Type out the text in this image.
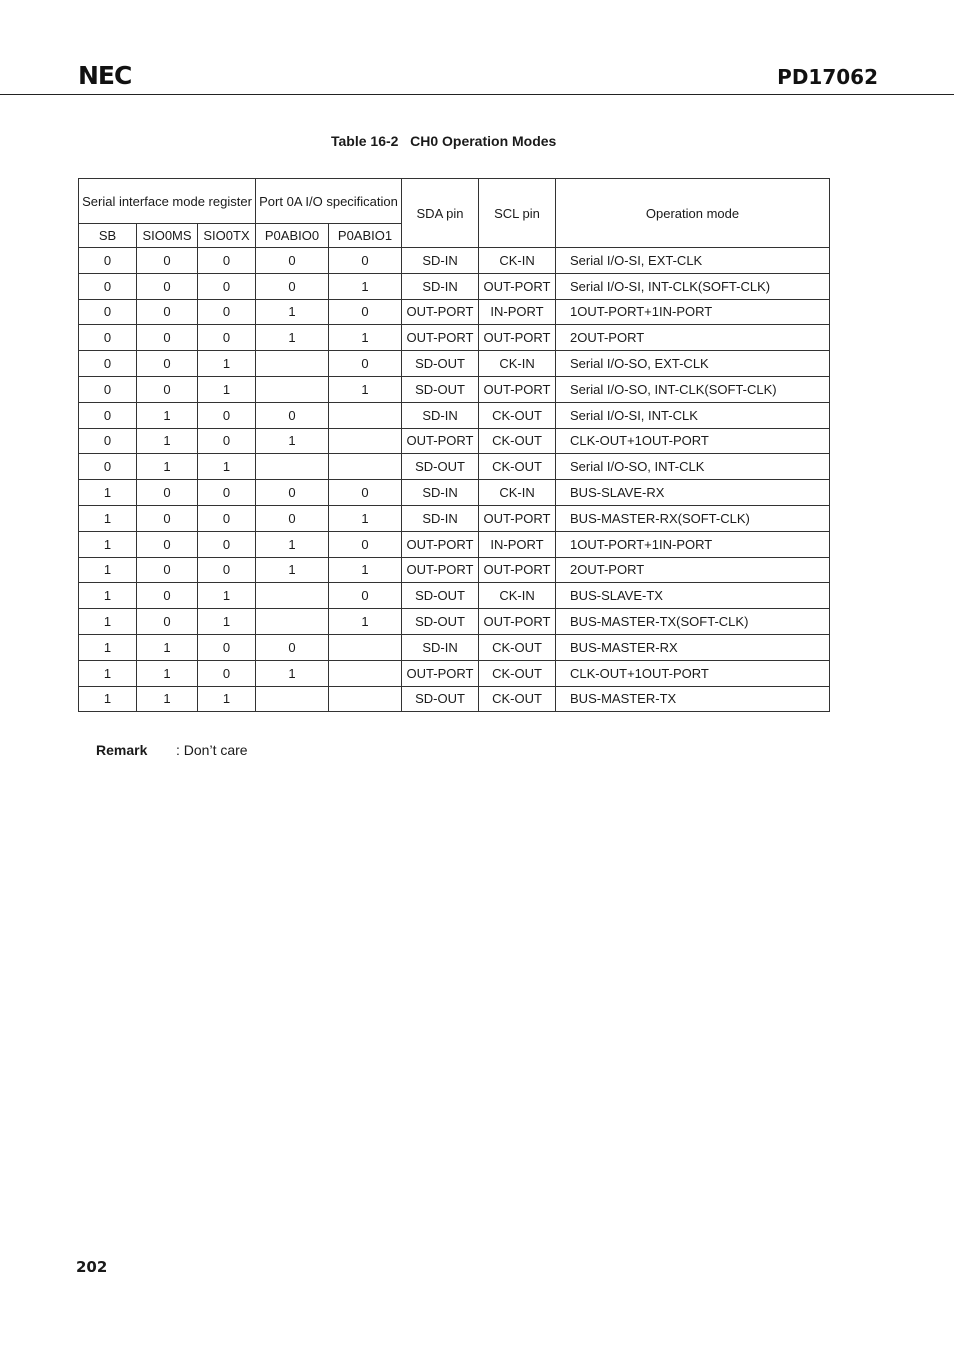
NEC	PD17062
Table 16-2   CH0 Operation Modes
Serial interface mode register			Port 0A I/O specification		SDA pin	SCL pin	Operation mode
SB	SIO0MS	SIO0TX	P0ABIO0	P0ABIO1			
0	0	0	0	0	SD-IN	CK-IN	Serial I/O-SI, EXT-CLK
0	0	0	0	1	SD-IN	OUT-PORT	Serial I/O-SI, INT-CLK(SOFT-CLK)
0	0	0	1	0	OUT-PORT	IN-PORT	1OUT-PORT+1IN-PORT
0	0	0	1	1	OUT-PORT	OUT-PORT	2OUT-PORT
0	0	1		0	SD-OUT	CK-IN	Serial I/O-SO, EXT-CLK
0	0	1		1	SD-OUT	OUT-PORT	Serial I/O-SO, INT-CLK(SOFT-CLK)
0	1	0	0		SD-IN	CK-OUT	Serial I/O-SI, INT-CLK
0	1	0	1		OUT-PORT	CK-OUT	CLK-OUT+1OUT-PORT
0	1	1			SD-OUT	CK-OUT	Serial I/O-SO, INT-CLK
1	0	0	0	0	SD-IN	CK-IN	BUS-SLAVE-RX
1	0	0	0	1	SD-IN	OUT-PORT	BUS-MASTER-RX(SOFT-CLK)
1	0	0	1	0	OUT-PORT	IN-PORT	1OUT-PORT+1IN-PORT
1	0	0	1	1	OUT-PORT	OUT-PORT	2OUT-PORT
1	0	1		0	SD-OUT	CK-IN	BUS-SLAVE-TX
1	0	1		1	SD-OUT	OUT-PORT	BUS-MASTER-TX(SOFT-CLK)
1	1	0	0		SD-IN	CK-OUT	BUS-MASTER-RX
1	1	0	1		OUT-PORT	CK-OUT	CLK-OUT+1OUT-PORT
1	1	1			SD-OUT	CK-OUT	BUS-MASTER-TX
Remark : Don’t care
202
